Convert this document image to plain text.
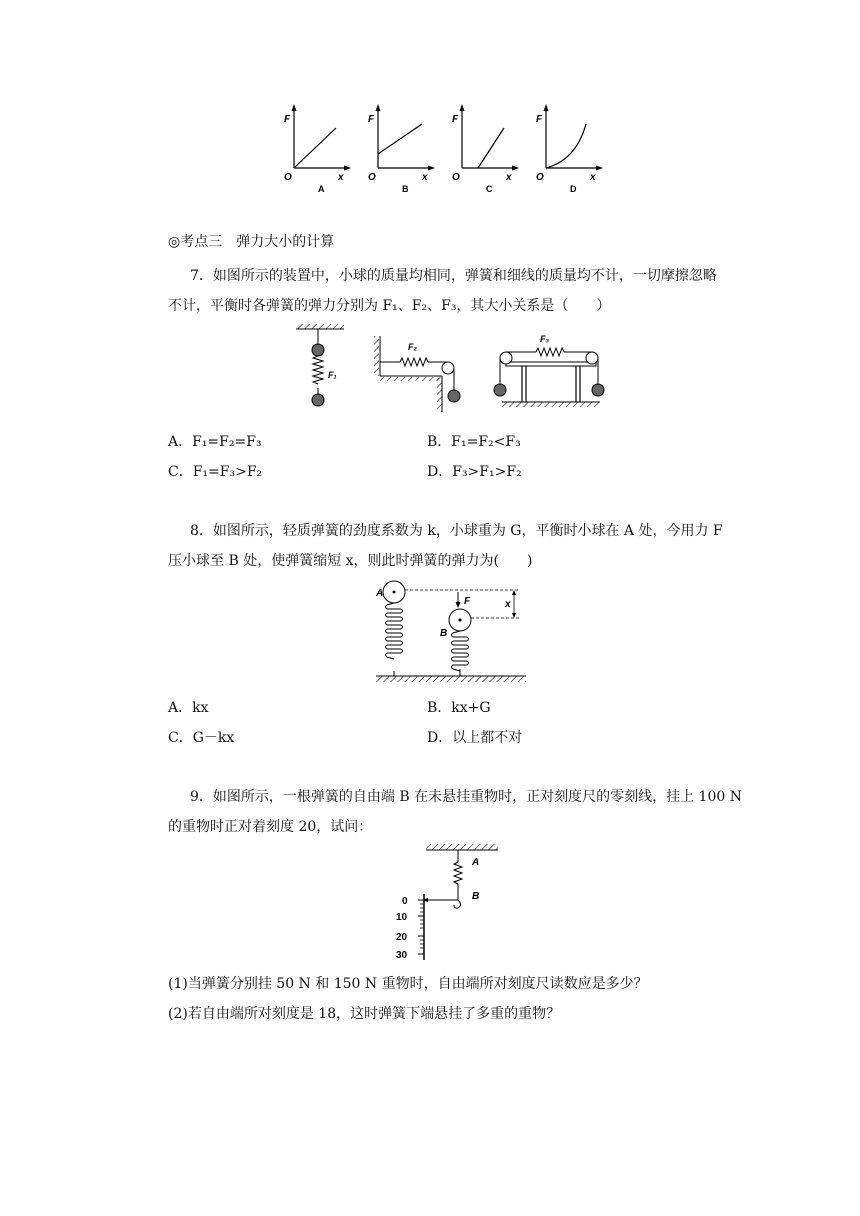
F
O	x
A
F
O	x
B
F
O	x
C
F
O	x
D
◎考点三　弹力大小的计算
7．如图所示的装置中，小球的质量均相同，弹簧和细线的质量均不计，一切摩擦忽略
不计，平衡时各弹簧的弹力分别为 F₁、F₂、F₃，其大小关系是（　　）
F₁
F₂
F₃
A．F₁=F₂=F₃	B．F₁=F₂<F₃
C．F₁=F₃>F₂	D．F₃>F₁>F₂
8．如图所示，轻质弹簧的劲度系数为 k，小球重为 G，平衡时小球在 A 处，今用力 F
压小球至 B 处，使弹簧缩短 x，则此时弹簧的弹力为(　　)
A
B
F	x
A．kx	B．kx+G
C．G－kx	D．以上都不对
9．如图所示，一根弹簧的自由端 B 在未悬挂重物时，正对刻度尺的零刻线，挂上 100 N
的重物时正对着刻度 20，试问：
A
B
0
10
20
30
(1)当弹簧分别挂 50 N 和 150 N 重物时，自由端所对刻度尺读数应是多少？
(2)若自由端所对刻度是 18，这时弹簧下端悬挂了多重的重物？
